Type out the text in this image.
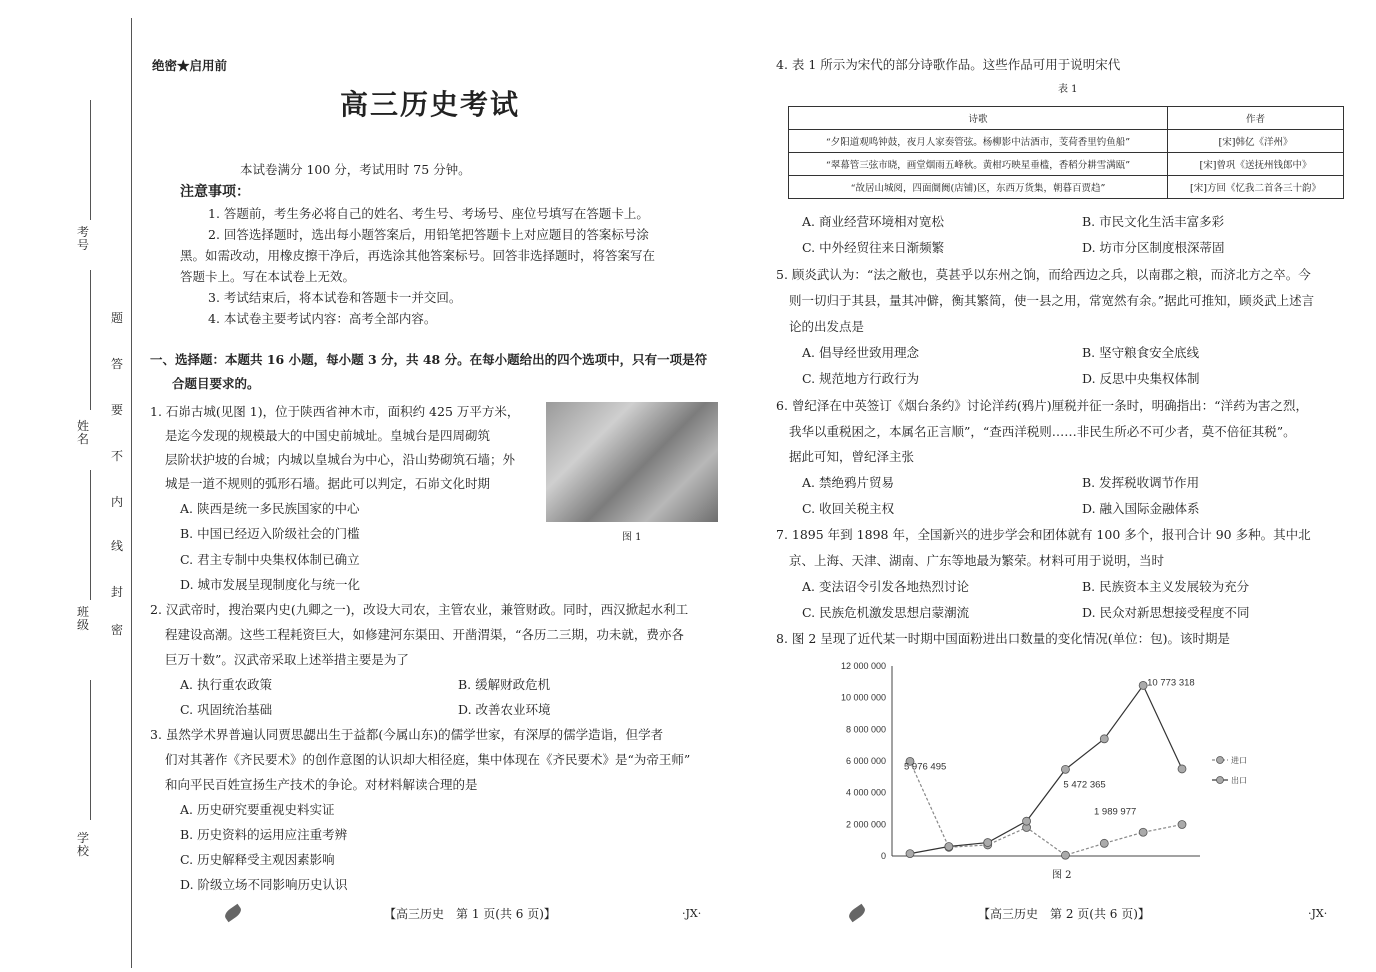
考号
姓名
班级
学校
题
答
要
不
内
线
封
密
绝密★启用前
高三历史考试
本试卷满分 100 分，考试用时 75 分钟。
注意事项：
1. 答题前，考生务必将自己的姓名、考生号、考场号、座位号填写在答题卡上。
2. 回答选择题时，选出每小题答案后，用铅笔把答题卡上对应题目的答案标号涂
黑。如需改动，用橡皮擦干净后，再选涂其他答案标号。回答非选择题时，将答案写在
答题卡上。写在本试卷上无效。
3. 考试结束后，将本试卷和答题卡一并交回。
4. 本试卷主要考试内容：高考全部内容。
一、选择题：本题共 16 小题，每小题 3 分，共 48 分。在每小题给出的四个选项中，只有一项是符
合题目要求的。
1. 石峁古城(见图 1)，位于陕西省神木市，面积约 425 万平方米，
是迄今发现的规模最大的中国史前城址。皇城台是四周砌筑
层阶状护坡的台城；内城以皇城台为中心，沿山势砌筑石墙；外
城是一道不规则的弧形石墙。据此可以判定，石峁文化时期
图 1
A. 陕西是统一多民族国家的中心
B. 中国已经迈入阶级社会的门槛
C. 君主专制中央集权体制已确立
D. 城市发展呈现制度化与统一化
2. 汉武帝时，搜治粟内史(九卿之一)，改设大司农，主管农业，兼管财政。同时，西汉掀起水利工
程建设高潮。这些工程耗资巨大，如修建河东渠田、开凿渭渠，“各历二三期，功未就，费亦各
巨万十数”。汉武帝采取上述举措主要是为了
A. 执行重农政策	B. 缓解财政危机
C. 巩固统治基础	D. 改善农业环境
3. 虽然学术界普遍认同贾思勰出生于益都(今属山东)的儒学世家，有深厚的儒学造诣，但学者
们对其著作《齐民要术》的创作意图的认识却大相径庭，集中体现在《齐民要术》是“为帝王师”
和向平民百姓宣扬生产技术的争论。对材料解读合理的是
A. 历史研究要重视史料实证
B. 历史资料的运用应注重考辨
C. 历史解释受主观因素影响
D. 阶级立场不同影响历史认识
【高三历史　第 1 页(共 6 页)】	·JX·
4. 表 1 所示为宋代的部分诗歌作品。这些作品可用于说明宋代
表 1
诗歌	作者
“夕阳道观鸣钟鼓，夜月人家奏管弦。杨柳影中沽酒市，芰荷香里钓鱼船”	[宋]韩亿《洋州》
“翠幕管三弦市晓，画堂烟雨五峰秋。黄柑巧映星垂槛，香稻分耕雪满瓯”	[宋]曾巩《送抚州钱郎中》
“故居山城阅，四面阛阓(店铺)区，东西万货集，朝暮百贾趋”	[宋]方回《忆我二首各三十韵》
A. 商业经营环境相对宽松	B. 市民文化生活丰富多彩
C. 中外经贸往来日渐频繁	D. 坊市分区制度根深蒂固
5. 顾炎武认为：“法之敝也，莫甚乎以东州之饷，而给西边之兵，以南郡之粮，而济北方之卒。今
则一切归于其县，量其冲僻，衡其繁简，使一县之用，常宽然有余。”据此可推知，顾炎武上述言
论的出发点是
A. 倡导经世致用理念	B. 坚守粮食安全底线
C. 规范地方行政行为	D. 反思中央集权体制
6. 曾纪泽在中英签订《烟台条约》讨论洋药(鸦片)厘税并征一条时，明确指出：“洋药为害之烈，
我华以重税困之，本属名正言顺”，“查西洋税则……非民生所必不可少者，莫不倍征其税”。
据此可知，曾纪泽主张
A. 禁绝鸦片贸易	B. 发挥税收调节作用
C. 收回关税主权	D. 融入国际金融体系
7. 1895 年到 1898 年，全国新兴的进步学会和团体就有 100 多个，报刊合计 90 多种。其中北
京、上海、天津、湖南、广东等地最为繁荣。材料可用于说明，当时
A. 变法诏令引发各地热烈讨论	B. 民族资本主义发展较为充分
C. 民族危机激发思想启蒙潮流	D. 民众对新思想接受程度不同
8. 图 2 呈现了近代某一时期中国面粉进出口数量的变化情况(单位：包)。该时期是
12 000 000
10 000 000
8 000 000
6 000 000
4 000 000
2 000 000
0
5 976 495
5 472 365
10 773 318
1 989 977
进口
出口
图 2
【高三历史　第 2 页(共 6 页)】	·JX·
